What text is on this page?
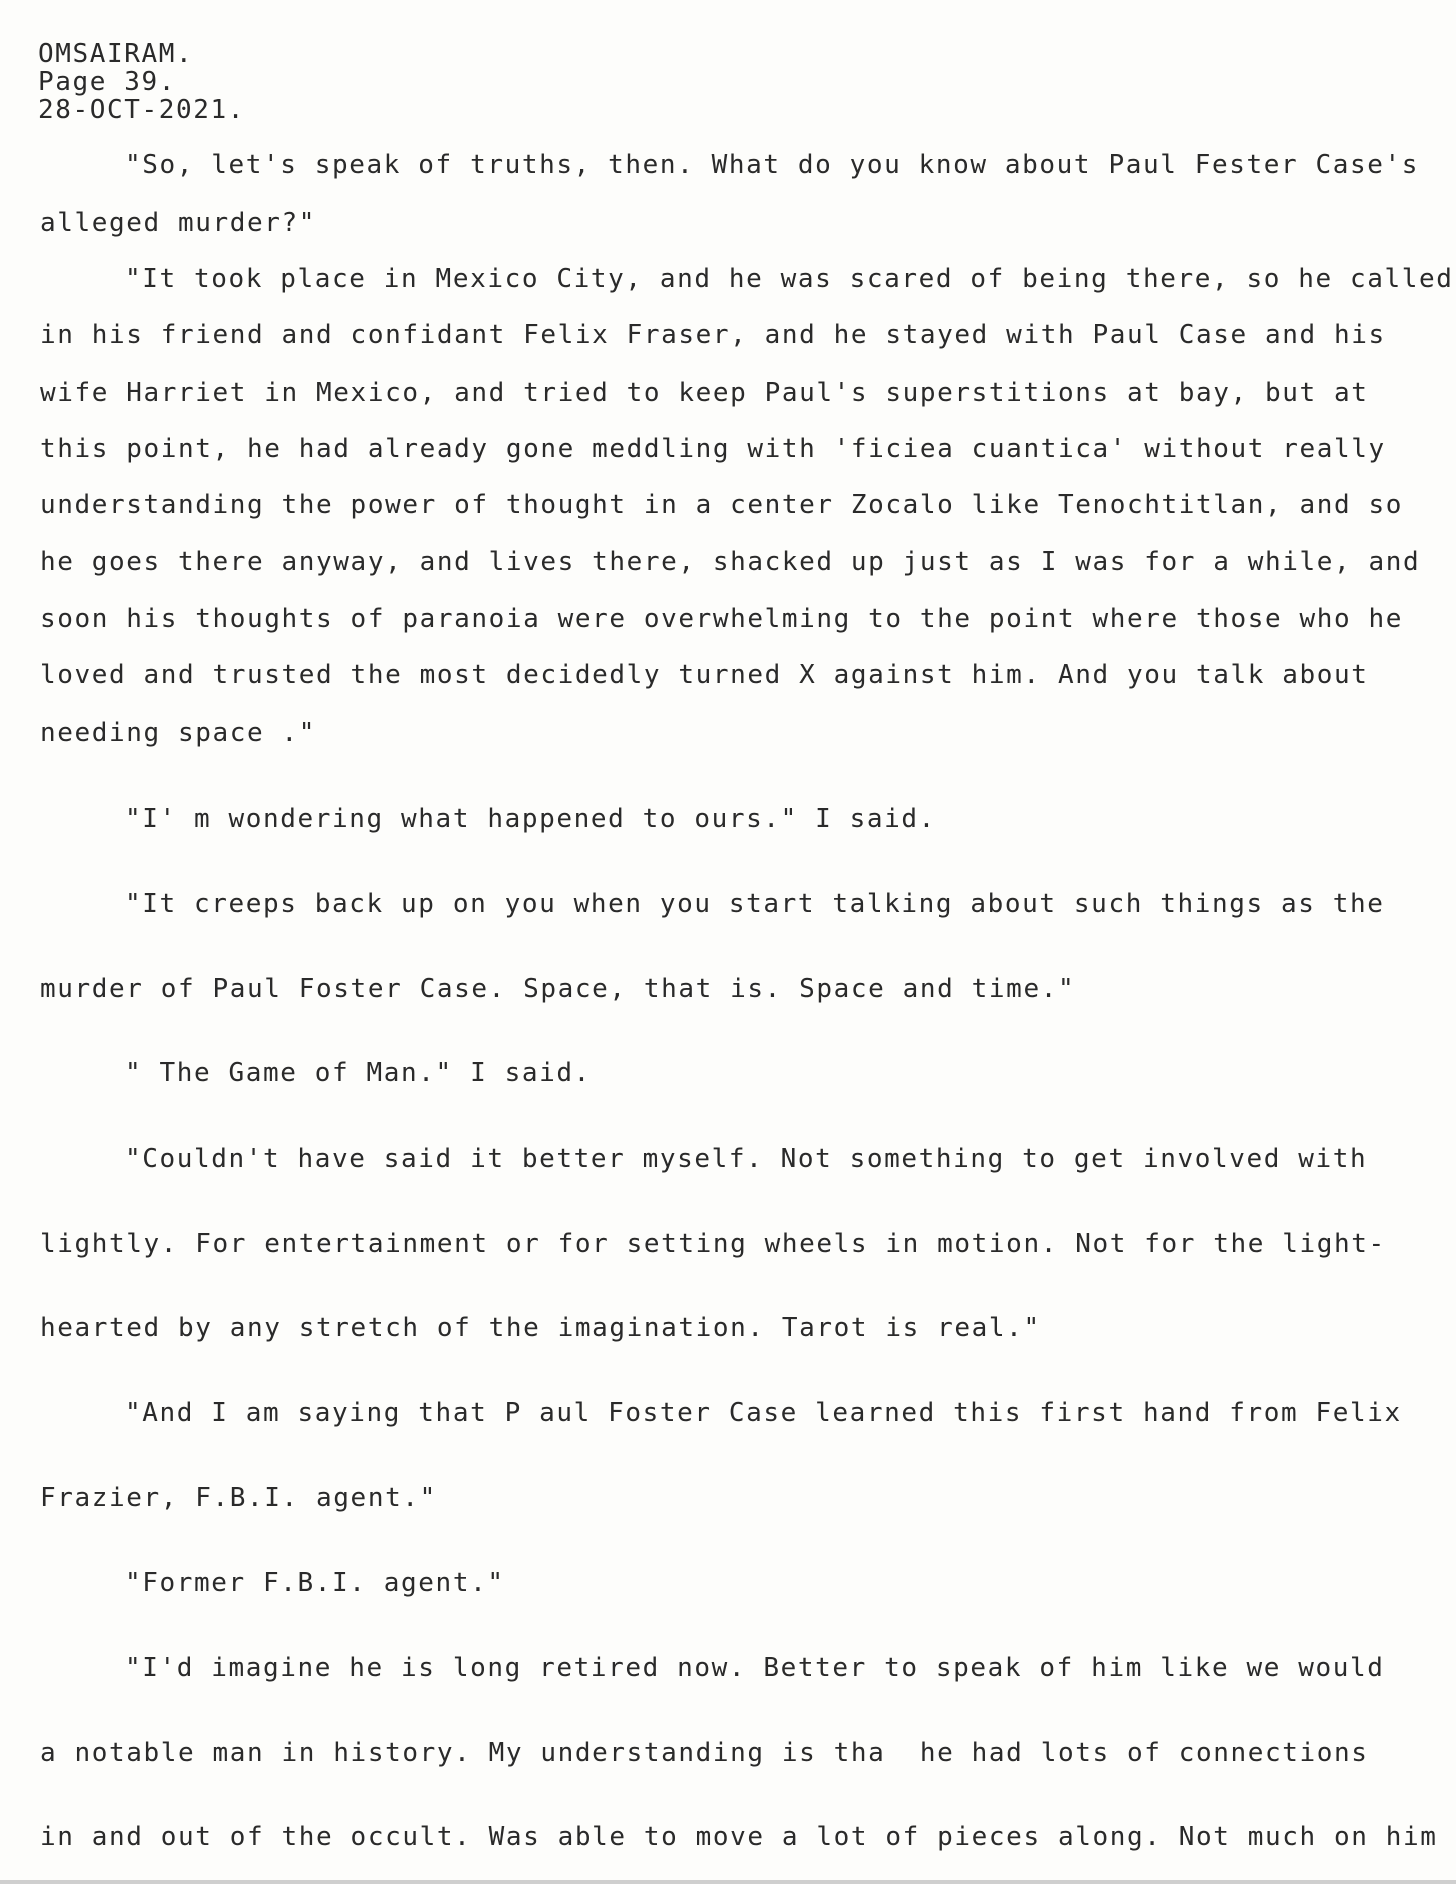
OMSAIRAM.
Page 39.
28-OCT-2021.
"So, let's speak of truths, then. What do you know about Paul Fester Case's
alleged murder?"
"It took place in Mexico City, and he was scared of being there, so he called
in his friend and confidant Felix Fraser, and he stayed with Paul Case and his
wife Harriet in Mexico, and tried to keep Paul's superstitions at bay, but at
this point, he had already gone meddling with 'ficiea cuantica' without really
understanding the power of thought in a center Zocalo like Tenochtitlan, and so
he goes there anyway, and lives there, shacked up just as I was for a while, and
soon his thoughts of paranoia were overwhelming to the point where those who he
loved and trusted the most decidedly turned X against him. And you talk about
needing space ."
"I' m wondering what happened to ours." I said.
"It creeps back up on you when you start talking about such things as the
murder of Paul Foster Case. Space, that is. Space and time."
" The Game of Man." I said.
"Couldn't have said it better myself. Not something to get involved with
lightly. For entertainment or for setting wheels in motion. Not for the light-
hearted by any stretch of the imagination. Tarot is real."
"And I am saying that P aul Foster Case learned this first hand from Felix
Frazier, F.B.I. agent."
"Former F.B.I. agent."
"I'd imagine he is long retired now. Better to speak of him like we would
a notable man in history. My understanding is tha  he had lots of connections
in and out of the occult. Was able to move a lot of pieces along. Not much on him
